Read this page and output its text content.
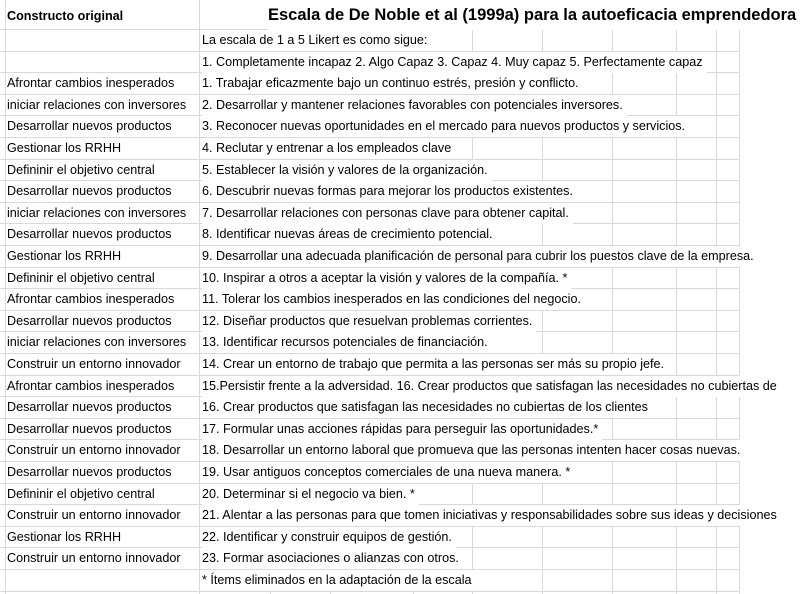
Constructo original	Escala de De Noble et al (1999a) para la autoeficacia emprendedora
La escala de 1 a 5 Likert es como sigue:
1. Completamente incapaz 2. Algo Capaz 3. Capaz 4. Muy capaz 5. Perfectamente capaz
Afrontar cambios inesperados	1. Trabajar eficazmente bajo un continuo estrés, presión y conflicto.
iniciar relaciones con inversores	2. Desarrollar y mantener relaciones favorables con potenciales inversores.
Desarrollar nuevos productos	3. Reconocer nuevas oportunidades en el mercado para nuevos productos y servicios.
Gestionar los RRHH	4. Reclutar y entrenar a los empleados clave
Defininir el objetivo central	5. Establecer la visión y valores de la organización.
Desarrollar nuevos productos	6. Descubrir nuevas formas para mejorar los productos existentes.
iniciar relaciones con inversores	7. Desarrollar relaciones con personas clave para obtener capital.
Desarrollar nuevos productos	8. Identificar nuevas áreas de crecimiento potencial.
Gestionar los RRHH	9. Desarrollar una adecuada planificación de personal para cubrir los puestos clave de la empresa.
Defininir el objetivo central	10. Inspirar a otros a aceptar la visión y valores de la compañía. *
Afrontar cambios inesperados	11. Tolerar los cambios inesperados en las condiciones del negocio.
Desarrollar nuevos productos	12. Diseñar productos que resuelvan problemas corrientes.
iniciar relaciones con inversores	13. Identificar recursos potenciales de financiación.
Construir un entorno innovador	14. Crear un entorno de trabajo que permita a las personas ser más su propio jefe.
Afrontar cambios inesperados	15.Persistir frente a la adversidad. 16. Crear productos que satisfagan las necesidades no cubiertas de
Desarrollar nuevos productos	16. Crear productos que satisfagan las necesidades no cubiertas de los clientes
Desarrollar nuevos productos	17. Formular unas acciones rápidas para perseguir las oportunidades.*
Construir un entorno innovador	18. Desarrollar un entorno laboral que promueva que las personas intenten hacer cosas nuevas.
Desarrollar nuevos productos	19. Usar antiguos conceptos comerciales de una nueva manera. *
Defininir el objetivo central	20. Determinar si el negocio va bien. *
Construir un entorno innovador	21. Alentar a las personas para que tomen iniciativas y responsabilidades sobre sus ideas y decisiones
Gestionar los RRHH	22. Identificar y construir equipos de gestión.
Construir un entorno innovador	23. Formar asociaciones o alianzas con otros.
* Ítems eliminados en la adaptación de la escala
